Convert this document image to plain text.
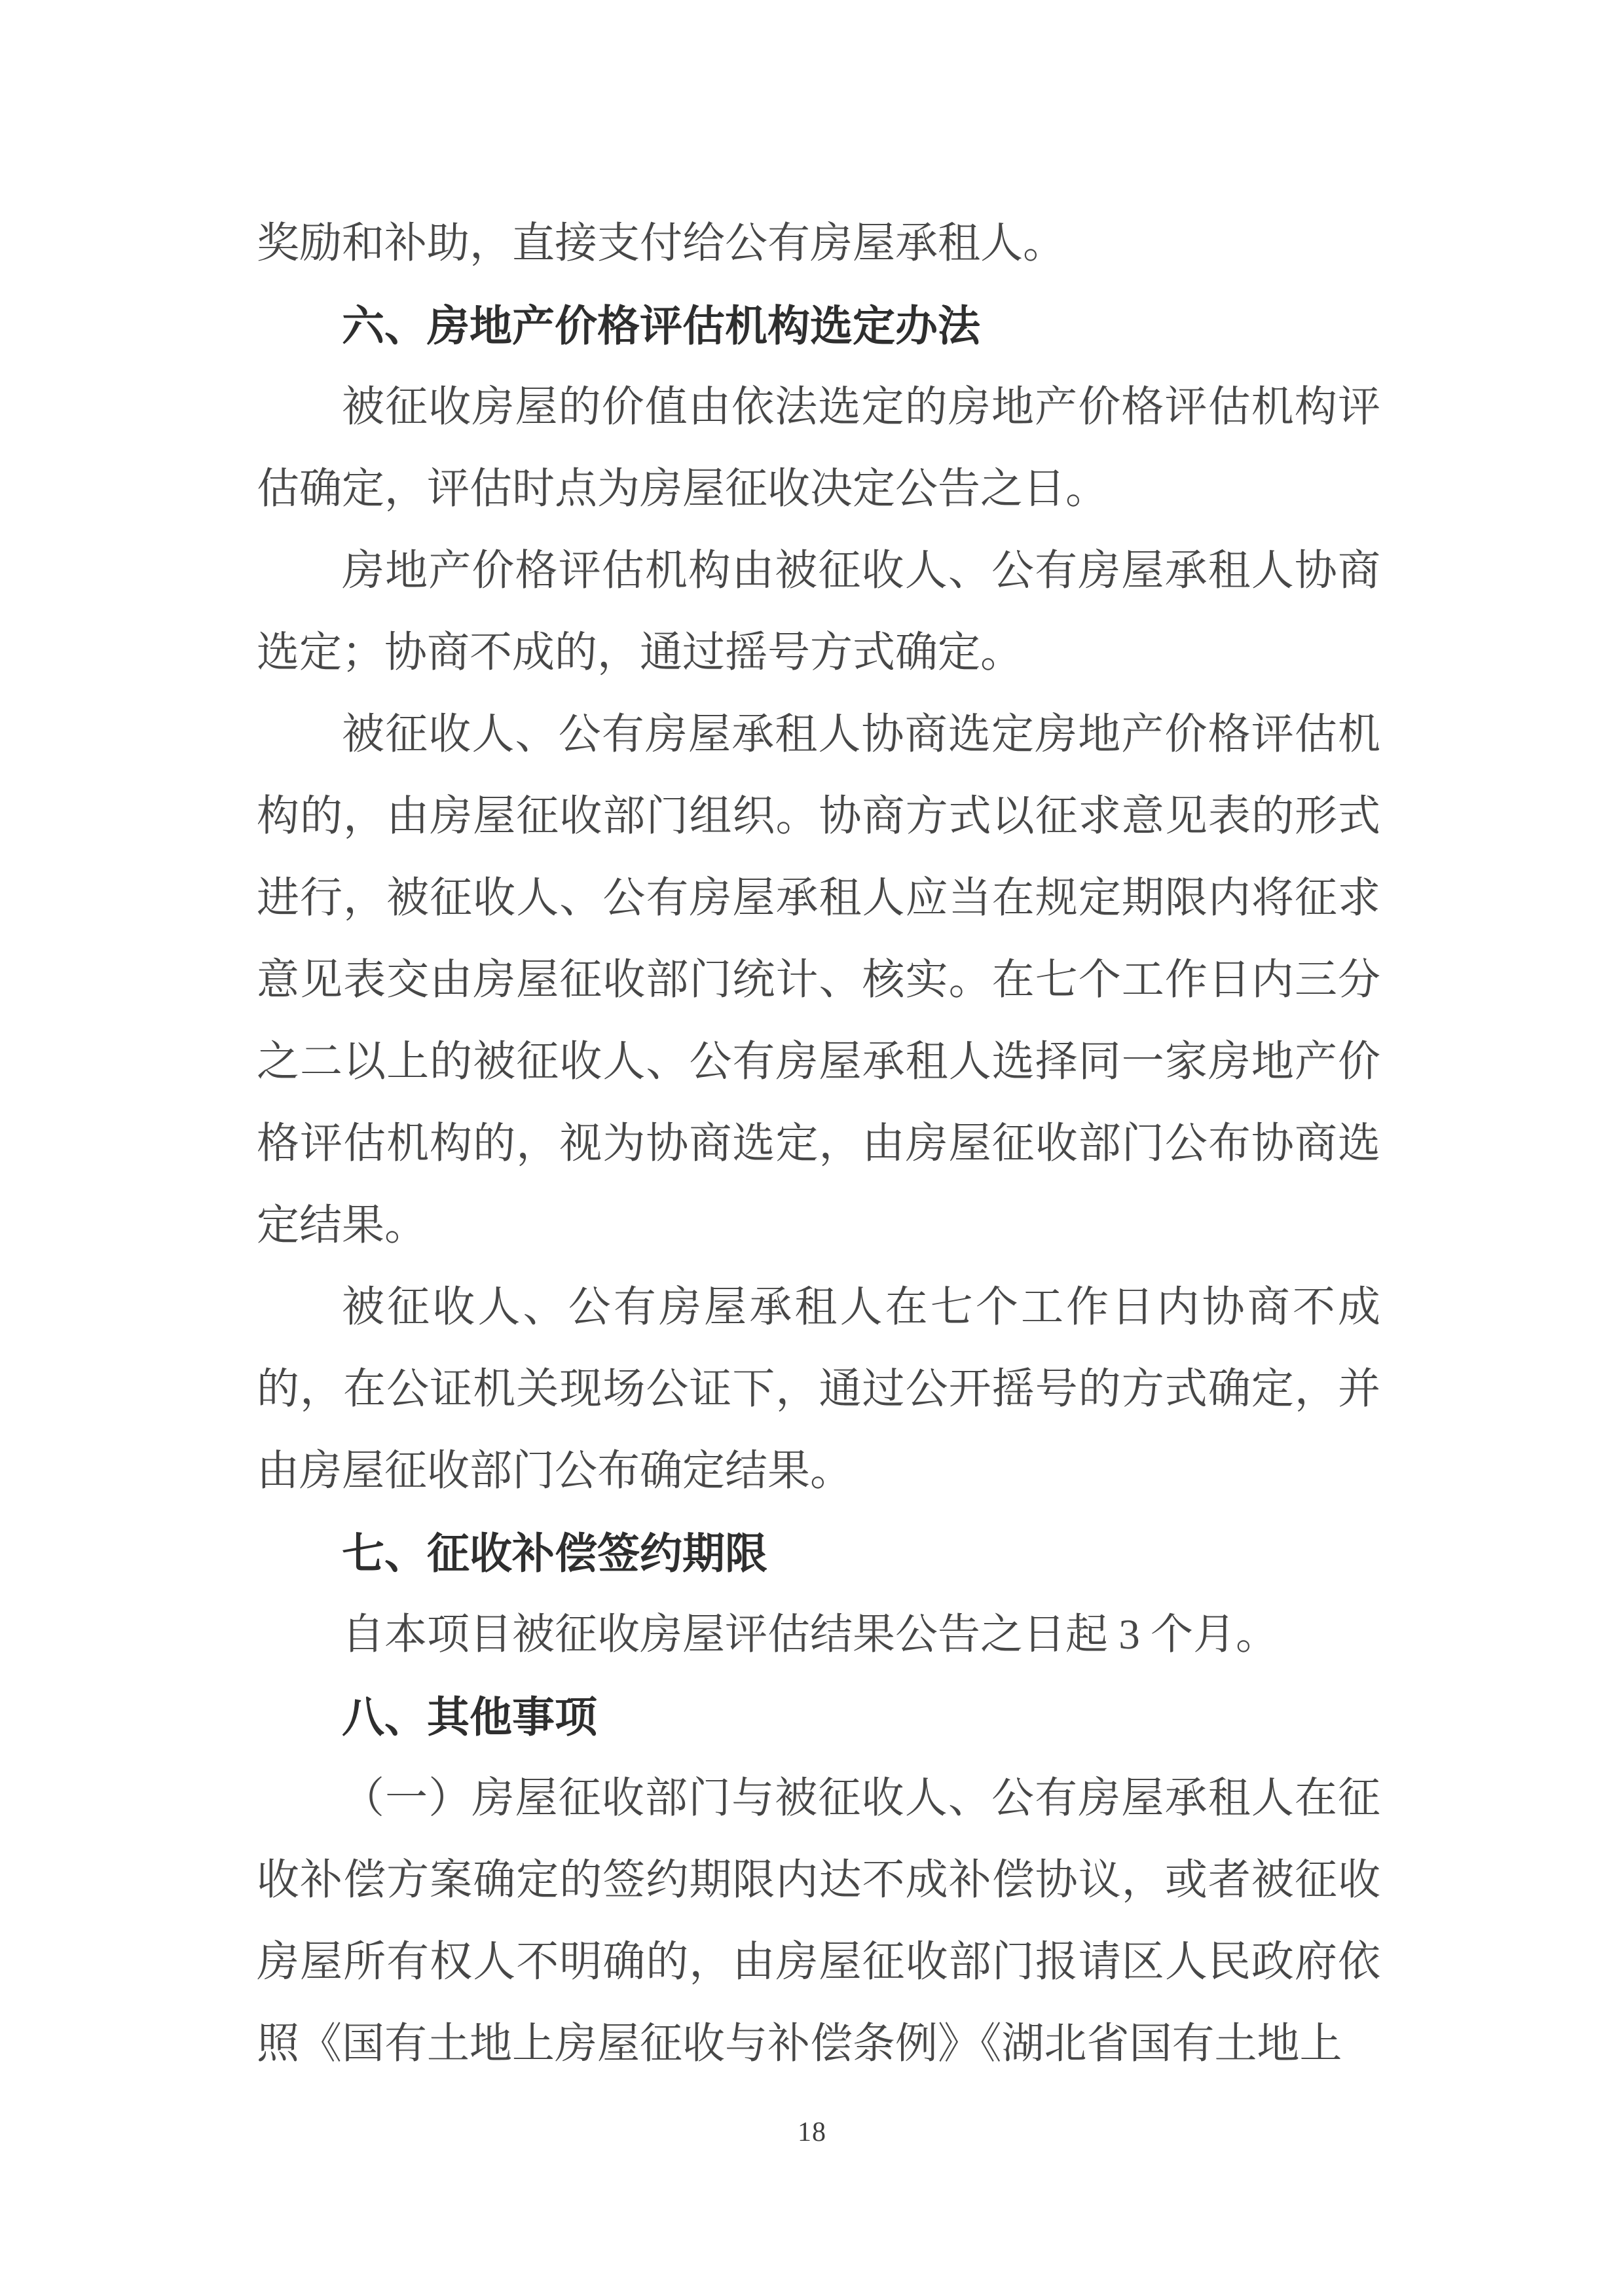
奖励和补助，直接支付给公有房屋承租人。

六、房地产价格评估机构选定办法

被征收房屋的价值由依法选定的房地产价格评估机构评估确定，评估时点为房屋征收决定公告之日。

房地产价格评估机构由被征收人、公有房屋承租人协商选定；协商不成的，通过摇号方式确定。

被征收人、公有房屋承租人协商选定房地产价格评估机构的，由房屋征收部门组织。协商方式以征求意见表的形式进行，被征收人、公有房屋承租人应当在规定期限内将征求意见表交由房屋征收部门统计、核实。在七个工作日内三分之二以上的被征收人、公有房屋承租人选择同一家房地产价格评估机构的，视为协商选定，由房屋征收部门公布协商选定结果。

被征收人、公有房屋承租人在七个工作日内协商不成的，在公证机关现场公证下，通过公开摇号的方式确定，并由房屋征收部门公布确定结果。

七、征收补偿签约期限

自本项目被征收房屋评估结果公告之日起 3 个月。

八、其他事项

（一）房屋征收部门与被征收人、公有房屋承租人在征收补偿方案确定的签约期限内达不成补偿协议，或者被征收房屋所有权人不明确的，由房屋征收部门报请区人民政府依照《国有土地上房屋征收与补偿条例》《湖北省国有土地上

18
